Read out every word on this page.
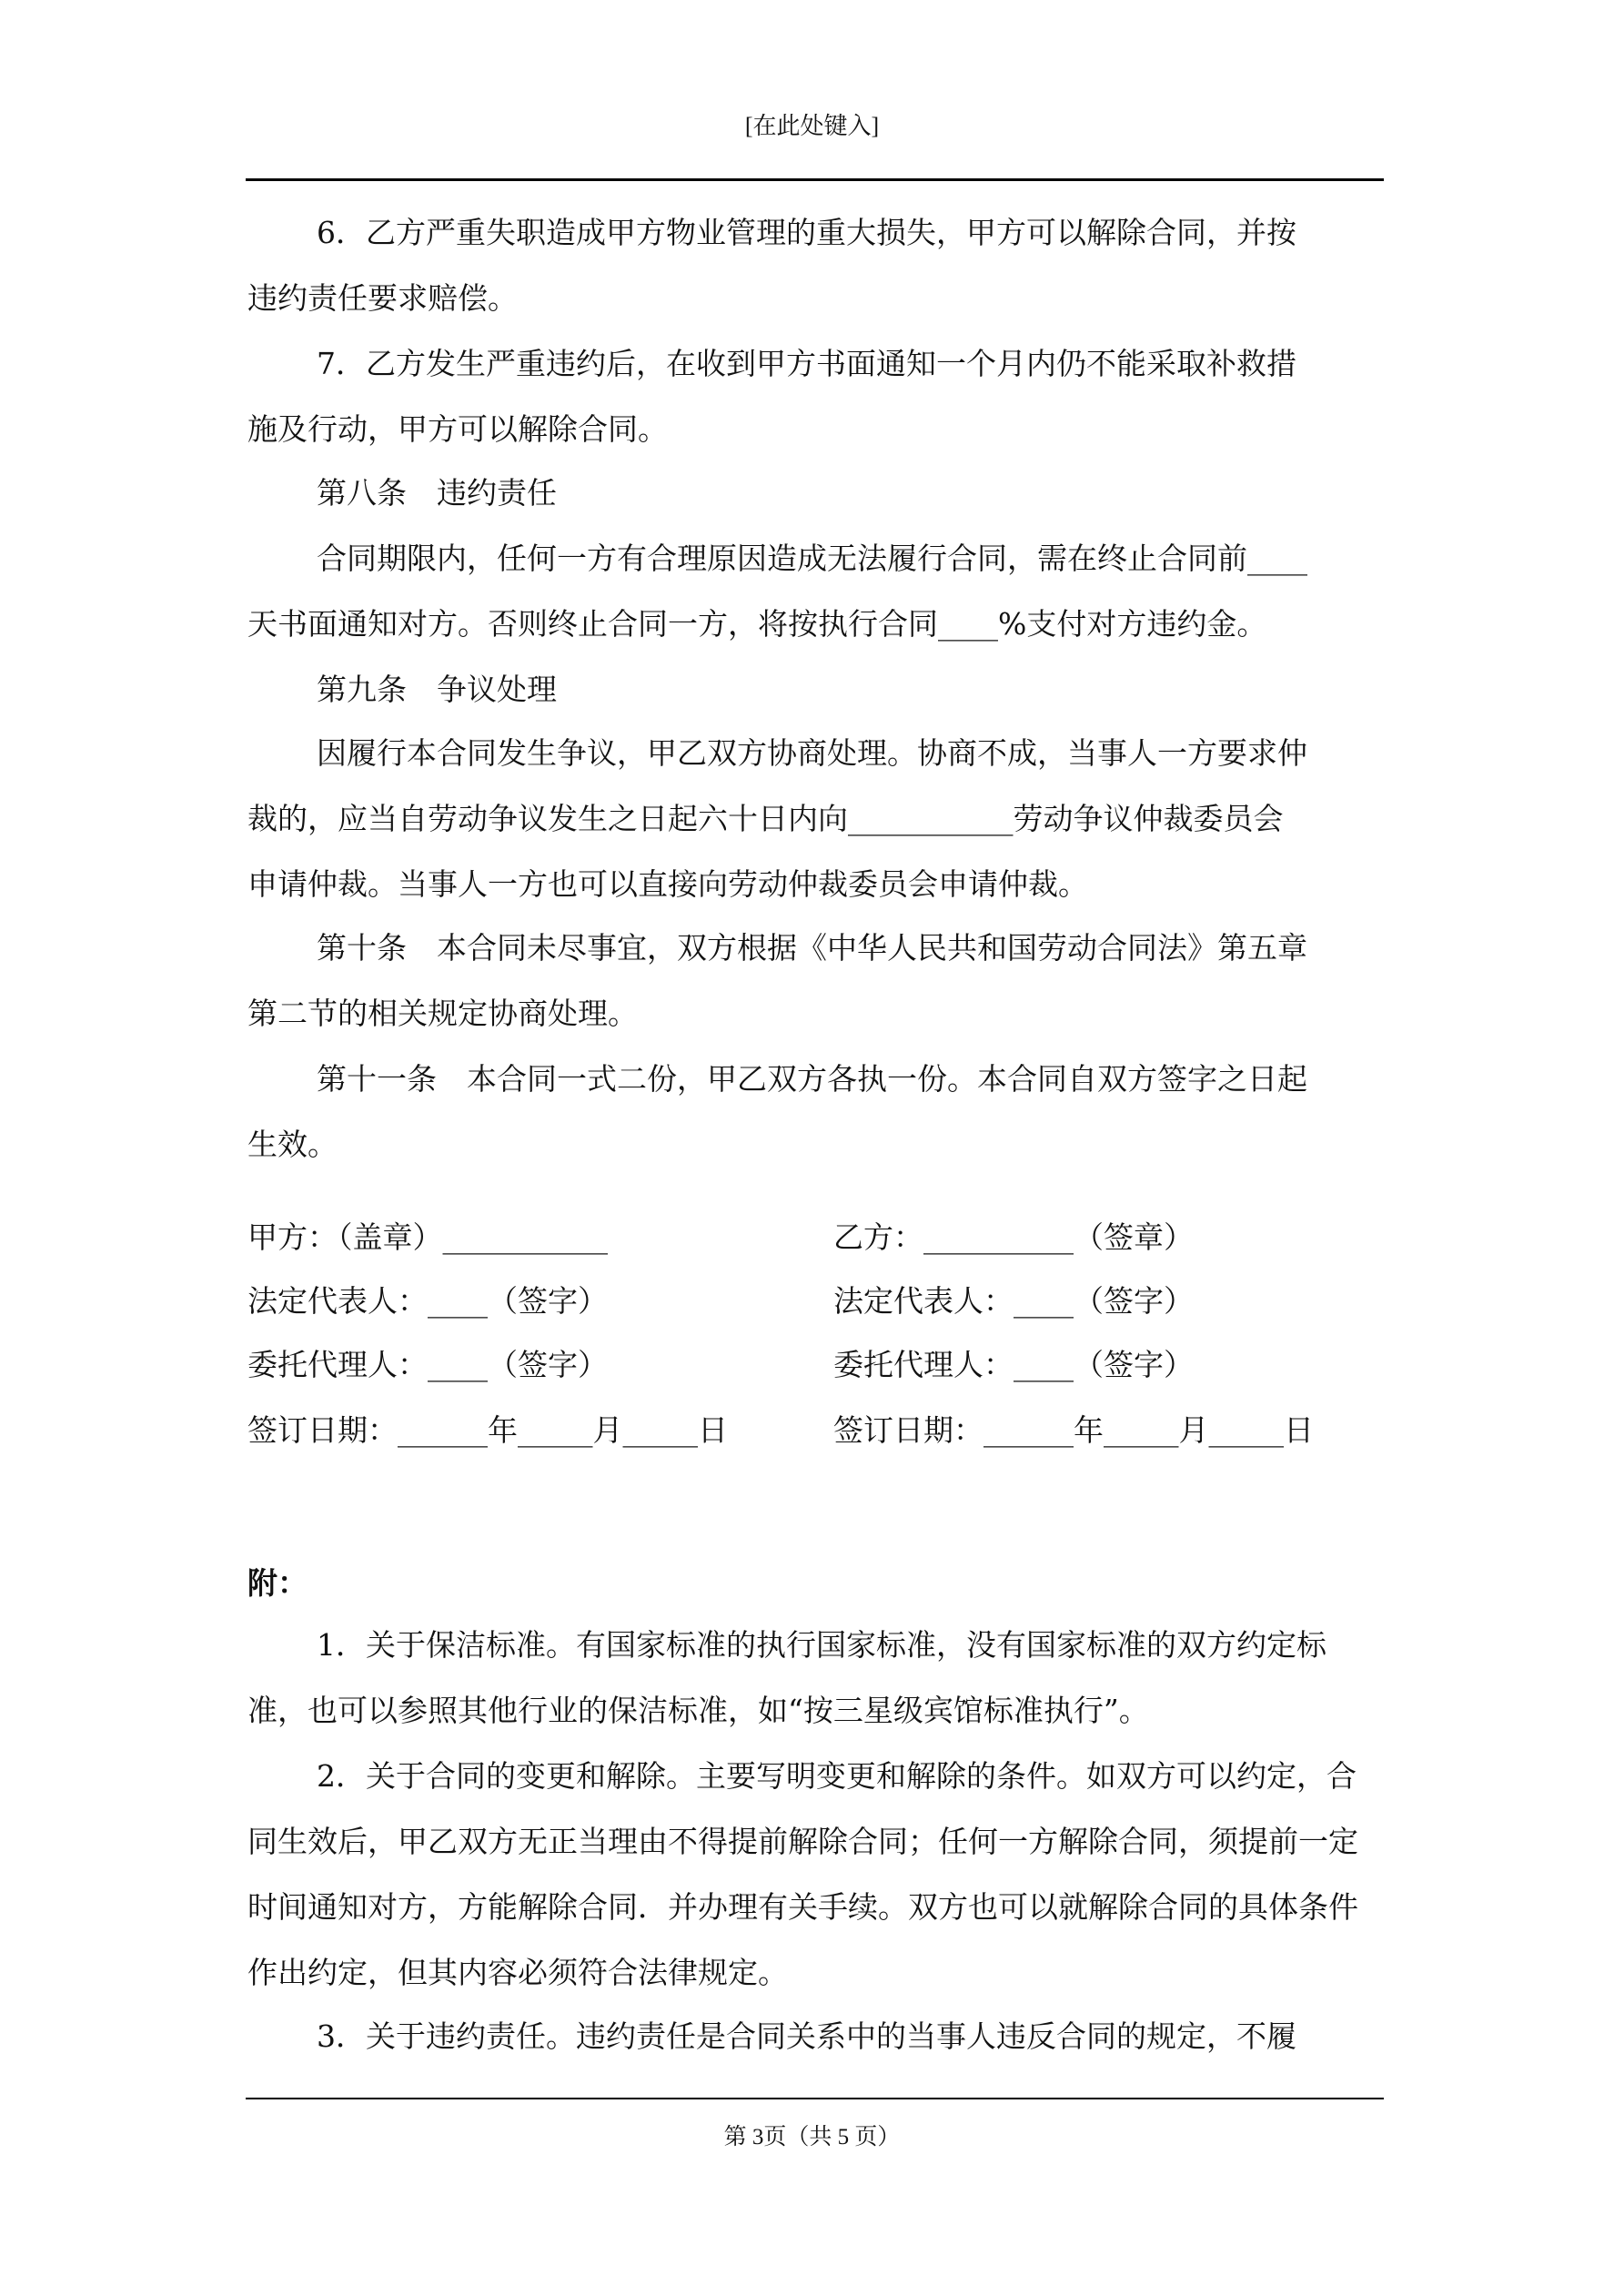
[在此处键入]
6．乙方严重失职造成甲方物业管理的重大损失，甲方可以解除合同，并按
违约责任要求赔偿。
7．乙方发生严重违约后，在收到甲方书面通知一个月内仍不能采取补救措
施及行动，甲方可以解除合同。
第八条　违约责任
合同期限内，任何一方有合理原因造成无法履行合同，需在终止合同前____
天书面通知对方。否则终止合同一方，将按执行合同____%支付对方违约金。
第九条　争议处理
因履行本合同发生争议，甲乙双方协商处理。协商不成，当事人一方要求仲
裁的，应当自劳动争议发生之日起六十日内向___________劳动争议仲裁委员会
申请仲裁。当事人一方也可以直接向劳动仲裁委员会申请仲裁。
第十条　本合同未尽事宜，双方根据《中华人民共和国劳动合同法》第五章
第二节的相关规定协商处理。
第十一条　本合同一式二份，甲乙双方各执一份。本合同自双方签字之日起
生效。
甲方：（盖章）___________	乙方：__________（签章）
法定代表人：____（签字）	法定代表人：____（签字）
委托代理人：____（签字）	委托代理人：____（签字）
签订日期：______年_____月_____日	签订日期：______年_____月_____日
附：
1．关于保洁标准。有国家标准的执行国家标准，没有国家标准的双方约定标准，也可以参照其他行业的保洁标准，如“按三星级宾馆标准执行”。
2．关于合同的变更和解除。主要写明变更和解除的条件。如双方可以约定，合同生效后，甲乙双方无正当理由不得提前解除合同；任何一方解除合同，须提前一定时间通知对方，方能解除合同．并办理有关手续。双方也可以就解除合同的具体条件作出约定，但其内容必须符合法律规定。
3．关于违约责任。违约责任是合同关系中的当事人违反合同的规定，不履
第 3页（共 5 页）
